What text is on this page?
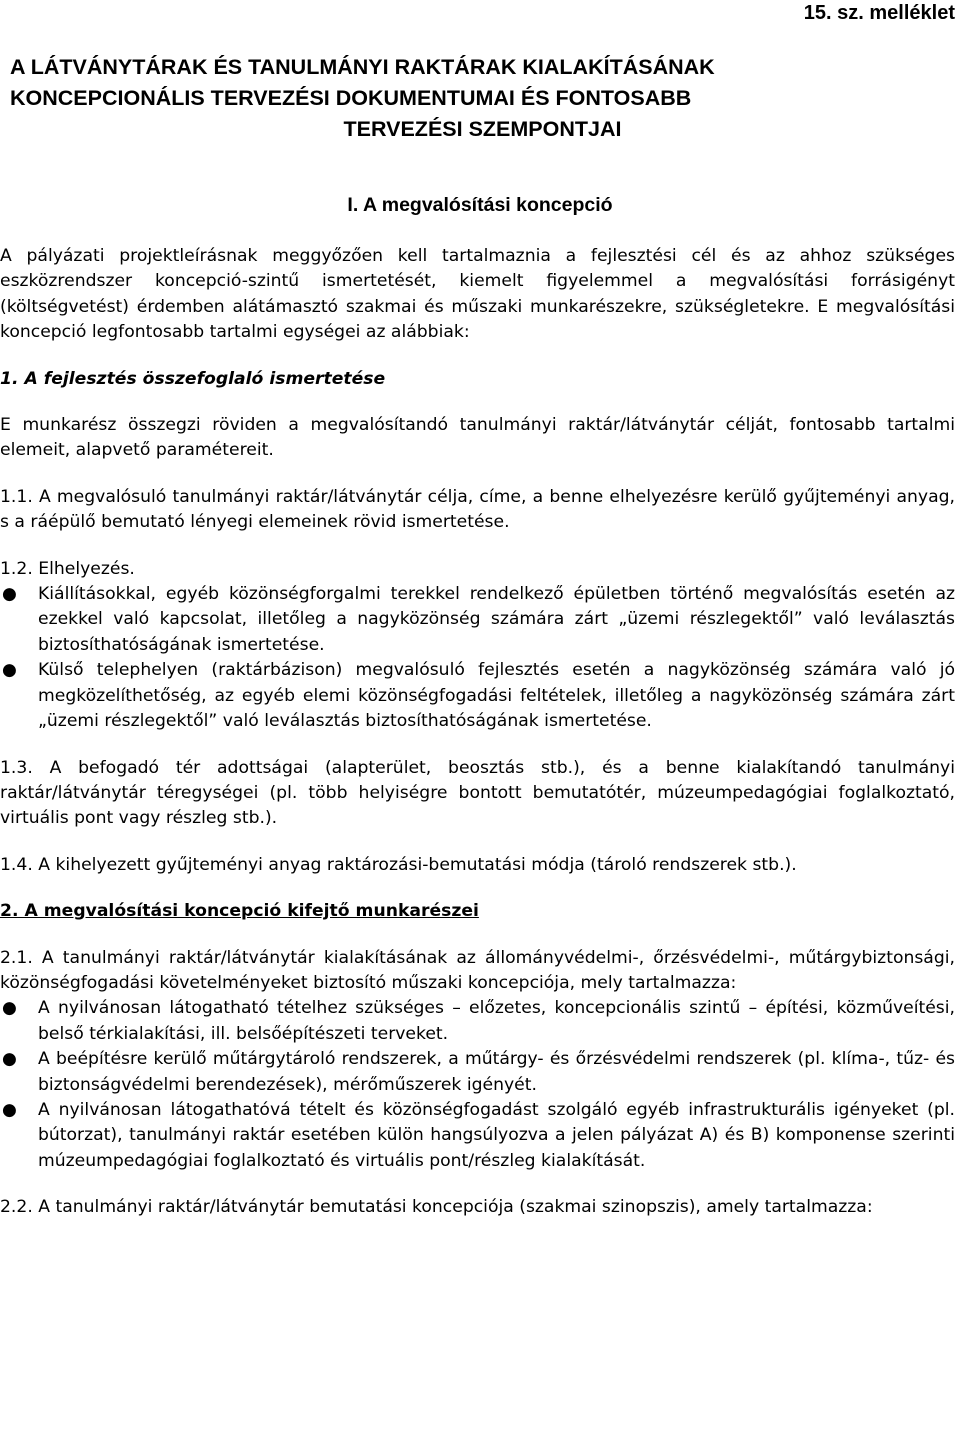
15. sz. melléklet
A LÁTVÁNYTÁRAK ÉS TANULMÁNYI RAKTÁRAK KIALAKÍTÁSÁNAK
KONCEPCIONÁLIS TERVEZÉSI DOKUMENTUMAI ÉS FONTOSABB
TERVEZÉSI SZEMPONTJAI
I. A megvalósítási koncepció

A pályázati projektleírásnak meggyőzően kell tartalmaznia a fejlesztési cél és az ahhoz szükséges eszközrendszer koncepció-szintű ismertetését, kiemelt figyelemmel a megvalósítási forrásigényt (költségvetést) érdemben alátámasztó szakmai és műszaki munkarészekre, szükségletekre. E megvalósítási koncepció legfontosabb tartalmi egységei az alábbiak:

1. A fejlesztés összefoglaló ismertetése

E munkarész összegzi röviden a megvalósítandó tanulmányi raktár/látványtár célját, fontosabb tartalmi elemeit, alapvető paramétereit.

1.1. A megvalósuló tanulmányi raktár/látványtár célja, címe, a benne elhelyezésre kerülő gyűjteményi anyag, s a ráépülő bemutató lényegi elemeinek rövid ismertetése.

1.2. Elhelyezés.

● Kiállításokkal, egyéb közönségforgalmi terekkel rendelkező épületben történő megvalósítás esetén az ezekkel való kapcsolat, illetőleg a nagyközönség számára zárt „üzemi részlegektől” való leválasztás biztosíthatóságának ismertetése.
● Külső telephelyen (raktárbázison) megvalósuló fejlesztés esetén a nagyközönség számára való jó megközelíthetőség, az egyéb elemi közönségfogadási feltételek, illetőleg a nagyközönség számára zárt „üzemi részlegektől” való leválasztás biztosíthatóságának ismertetése.

1.3. A befogadó tér adottságai (alapterület, beosztás stb.), és a benne kialakítandó tanulmányi raktár/látványtár téregységei (pl. több helyiségre bontott bemutatótér, múzeumpedagógiai foglalkoztató, virtuális pont vagy részleg stb.).

1.4. A kihelyezett gyűjteményi anyag raktározási-bemutatási módja (tároló rendszerek stb.).

2. A megvalósítási koncepció kifejtő munkarészei

2.1. A tanulmányi raktár/látványtár kialakításának az állományvédelmi-, őrzésvédelmi-, műtárgybiztonsági, közönségfogadási követelményeket biztosító műszaki koncepciója, mely tartalmazza:

● A nyilvánosan látogatható tételhez szükséges – előzetes, koncepcionális szintű – építési, közműveítési, belső térkialakítási, ill. belsőépítészeti terveket.
● A beépítésre kerülő műtárgytároló rendszerek, a műtárgy- és őrzésvédelmi rendszerek (pl. klíma-, tűz- és biztonságvédelmi berendezések), mérőműszerek igényét.
● A nyilvánosan látogathatóvá tételt és közönségfogadást szolgáló egyéb infrastrukturális igényeket (pl. bútorzat), tanulmányi raktár esetében külön hangsúlyozva a jelen pályázat A) és B) komponense szerinti múzeumpedagógiai foglalkoztató és virtuális pont/részleg kialakítását.

2.2. A tanulmányi raktár/látványtár bemutatási koncepciója (szakmai szinopszis), amely tartalmazza:
